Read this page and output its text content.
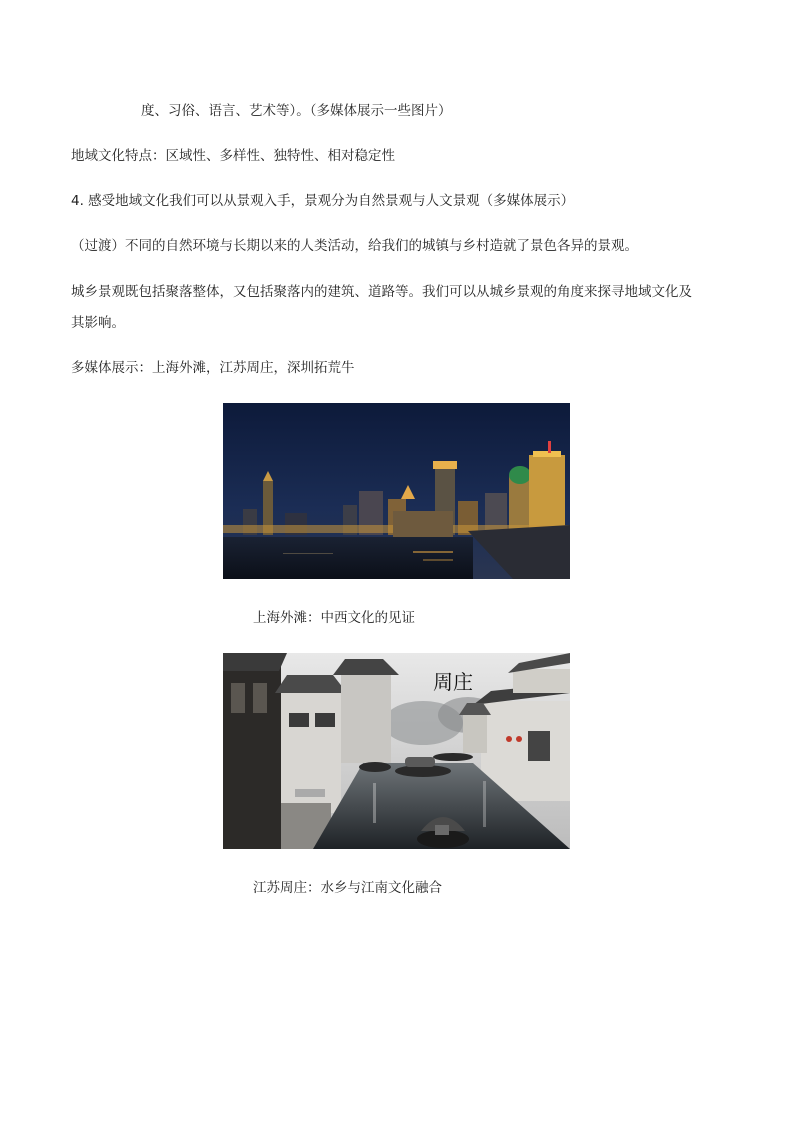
度、习俗、语言、艺术等）。（多媒体展示一些图片）
地域文化特点：区域性、多样性、独特性、相对稳定性
4. 感受地域文化我们可以从景观入手，景观分为自然景观与人文景观（多媒体展示）
（过渡）不同的自然环境与长期以来的人类活动，给我们的城镇与乡村造就了景色各异的景观。
城乡景观既包括聚落整体，又包括聚落内的建筑、道路等。我们可以从城乡景观的角度来探寻地域文化及
其影响。
多媒体展示：上海外滩，江苏周庄，深圳拓荒牛
上海外滩：中西文化的见证
周庄
江苏周庄：水乡与江南文化融合
